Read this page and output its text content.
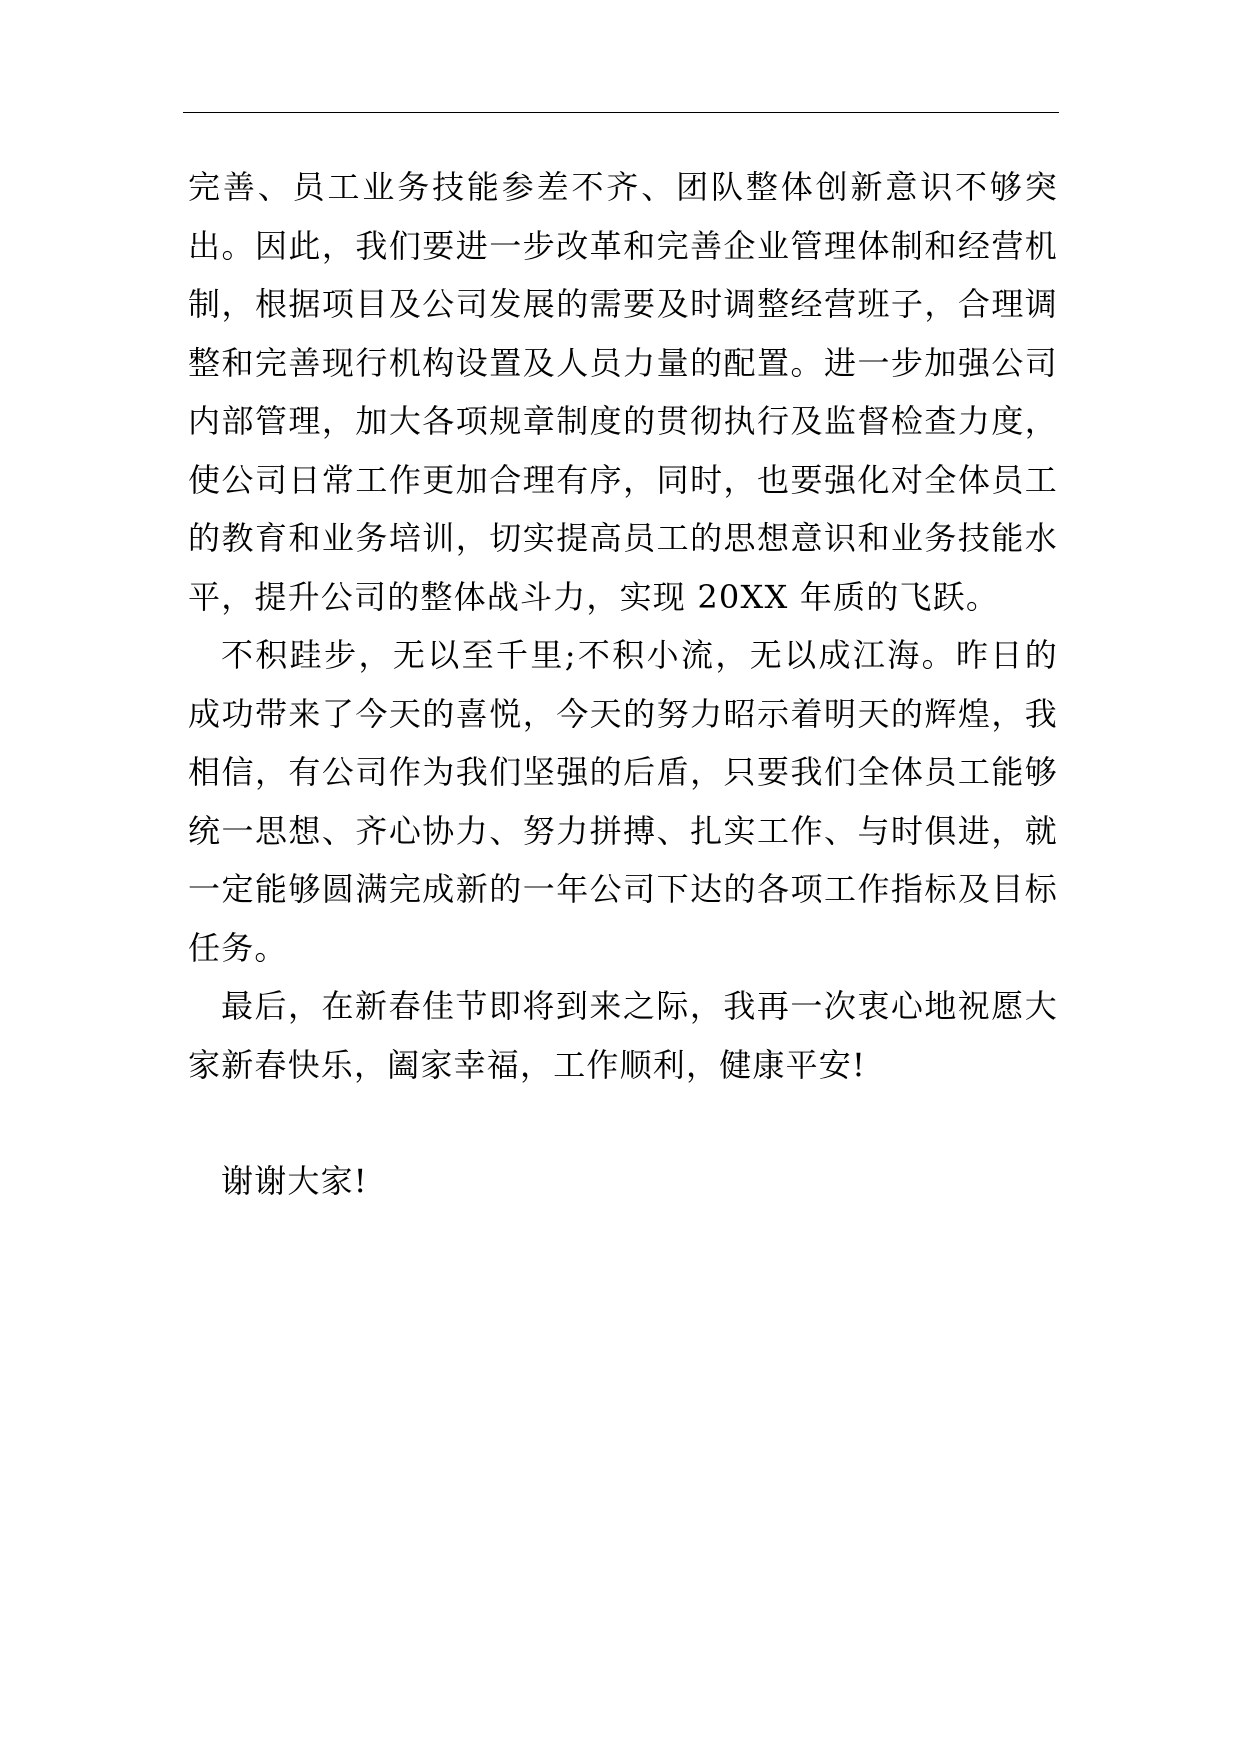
完善、员工业务技能参差不齐、团队整体创新意识不够突出。因此，我们要进一步改革和完善企业管理体制和经营机制，根据项目及公司发展的需要及时调整经营班子，合理调整和完善现行机构设置及人员力量的配置。进一步加强公司内部管理，加大各项规章制度的贯彻执行及监督检查力度，使公司日常工作更加合理有序，同时，也要强化对全体员工的教育和业务培训，切实提高员工的思想意识和业务技能水平，提升公司的整体战斗力，实现 20XX 年质的飞跃。

不积跬步，无以至千里;不积小流，无以成江海。昨日的成功带来了今天的喜悦，今天的努力昭示着明天的辉煌，我相信，有公司作为我们坚强的后盾，只要我们全体员工能够统一思想、齐心协力、努力拼搏、扎实工作、与时俱进，就一定能够圆满完成新的一年公司下达的各项工作指标及目标任务。

最后，在新春佳节即将到来之际，我再一次衷心地祝愿大家新春快乐，阖家幸福，工作顺利，健康平安!

谢谢大家!
